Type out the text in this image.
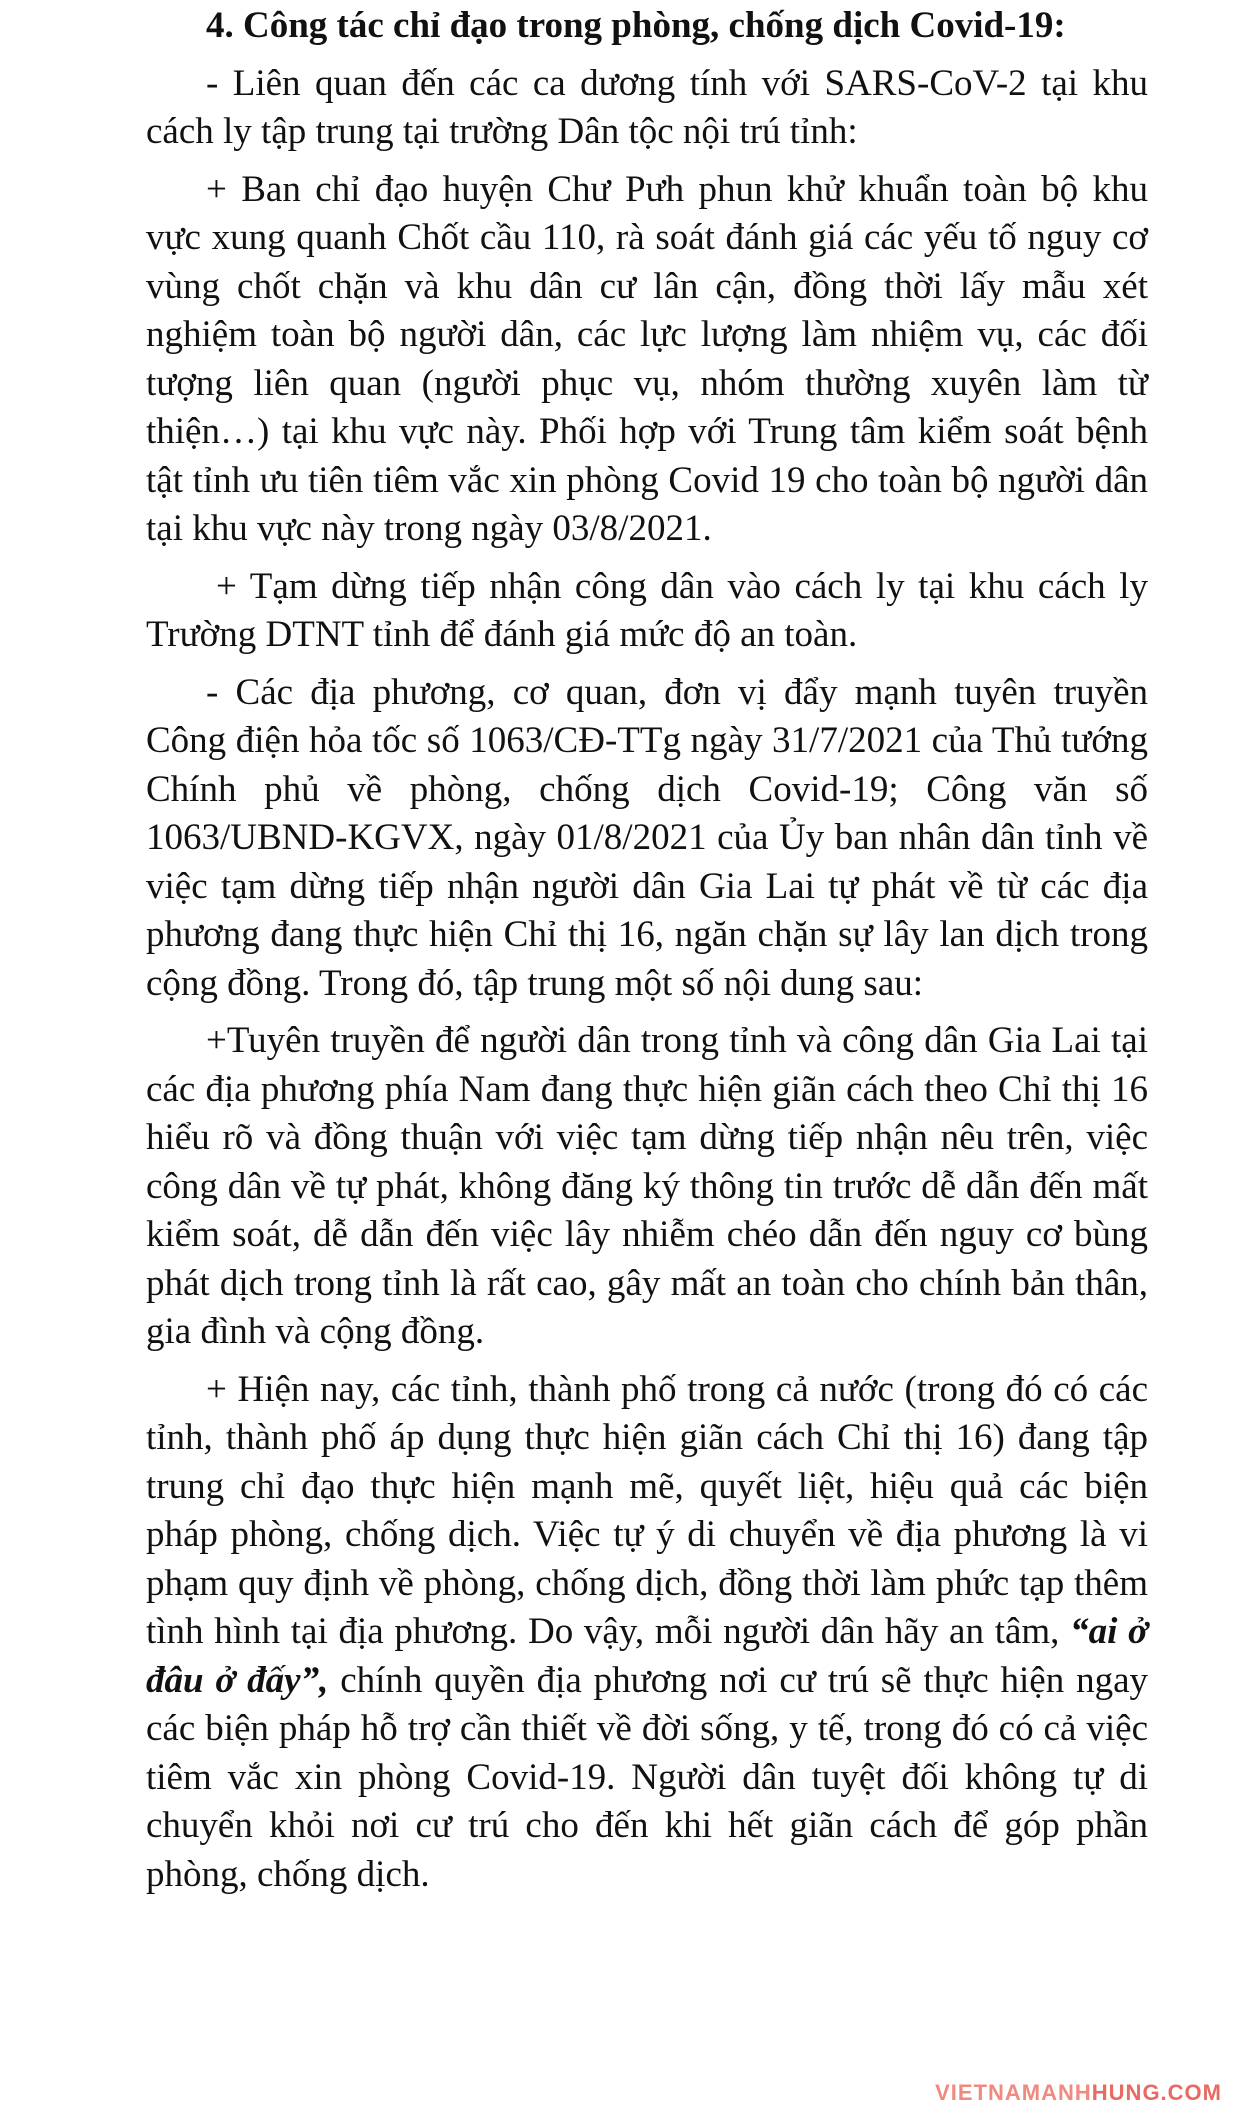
4. Công tác chỉ đạo trong phòng, chống dịch Covid-19:

- Liên quan đến các ca dương tính với SARS-CoV-2 tại khu cách ly tập trung tại trường Dân tộc nội trú tỉnh:

+ Ban chỉ đạo huyện Chư Pưh phun khử khuẩn toàn bộ khu vực xung quanh Chốt cầu 110, rà soát đánh giá các yếu tố nguy cơ vùng chốt chặn và khu dân cư lân cận, đồng thời lấy mẫu xét nghiệm toàn bộ người dân, các lực lượng làm nhiệm vụ, các đối tượng liên quan (người phục vụ, nhóm thường xuyên làm từ thiện…) tại khu vực này. Phối hợp với Trung tâm kiểm soát bệnh tật tỉnh ưu tiên tiêm vắc xin phòng Covid 19 cho toàn bộ người dân tại khu vực này trong ngày 03/8/2021.

+ Tạm dừng tiếp nhận công dân vào cách ly tại khu cách ly Trường DTNT tỉnh để đánh giá mức độ an toàn.

- Các địa phương, cơ quan, đơn vị đẩy mạnh tuyên truyền Công điện hỏa tốc số 1063/CĐ-TTg ngày 31/7/2021 của Thủ tướng Chính phủ về phòng, chống dịch Covid-19; Công văn số 1063/UBND-KGVX, ngày 01/8/2021 của Ủy ban nhân dân tỉnh về việc tạm dừng tiếp nhận người dân Gia Lai tự phát về từ các địa phương đang thực hiện Chỉ thị 16, ngăn chặn sự lây lan dịch trong cộng đồng. Trong đó, tập trung một số nội dung sau:

+Tuyên truyền để người dân trong tỉnh và công dân Gia Lai tại các địa phương phía Nam đang thực hiện giãn cách theo Chỉ thị 16 hiểu rõ và đồng thuận với việc tạm dừng tiếp nhận nêu trên, việc công dân về tự phát, không đăng ký thông tin trước dễ dẫn đến mất kiểm soát, dễ dẫn đến việc lây nhiễm chéo dẫn đến nguy cơ bùng phát dịch trong tỉnh là rất cao, gây mất an toàn cho chính bản thân, gia đình và cộng đồng.

+ Hiện nay, các tỉnh, thành phố trong cả nước (trong đó có các tỉnh, thành phố áp dụng thực hiện giãn cách Chỉ thị 16) đang tập trung chỉ đạo thực hiện mạnh mẽ, quyết liệt, hiệu quả các biện pháp phòng, chống dịch. Việc tự ý di chuyển về địa phương là vi phạm quy định về phòng, chống dịch, đồng thời làm phức tạp thêm tình hình tại địa phương. Do vậy, mỗi người dân hãy an tâm, “ai ở đâu ở đấy”, chính quyền địa phương nơi cư trú sẽ thực hiện ngay các biện pháp hỗ trợ cần thiết về đời sống, y tế, trong đó có cả việc tiêm vắc xin phòng Covid-19. Người dân tuyệt đối không tự di chuyển khỏi nơi cư trú cho đến khi hết giãn cách để góp phần phòng, chống dịch.

VIETNAMANHHUNG.COM
